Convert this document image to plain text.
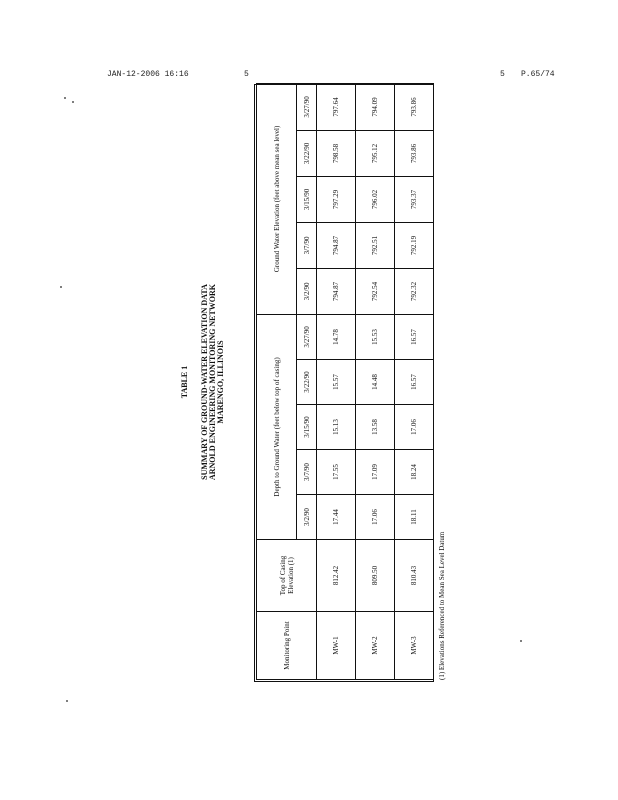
JAN-12-2006 16:16	5	5 P.65/74
TABLE 1 SUMMARY OF GROUND-WATER ELEVATION DATA ARNOLD ENGINEERING MONITORING NETWORK MARENGO, ILLINOIS
Monitoring Point	Top of Casing Elevation (1)	Depth to Ground Water (feet below top of casing)					Ground Water Elevation (feet above mean sea level)				
		3/2/90	3/7/90	3/15/90	3/22/90	3/27/90	3/2/90	3/7/90	3/15/90	3/22/90	3/27/90
MW-1	812.42	17.44	17.55	15.13	15.57	14.78	794.87	794.87	797.29	798.58	797.64
MW-2	809.50	17.06	17.09	13.58	14.48	15.53	792.54	792.51	796.02	795.12	794.09
MW-3	810.43	18.11	18.24	17.06	16.57	16.57	792.32	792.19	793.37	793.86	793.86
(1) Elevations Referenced to Mean Sea Level Datum
